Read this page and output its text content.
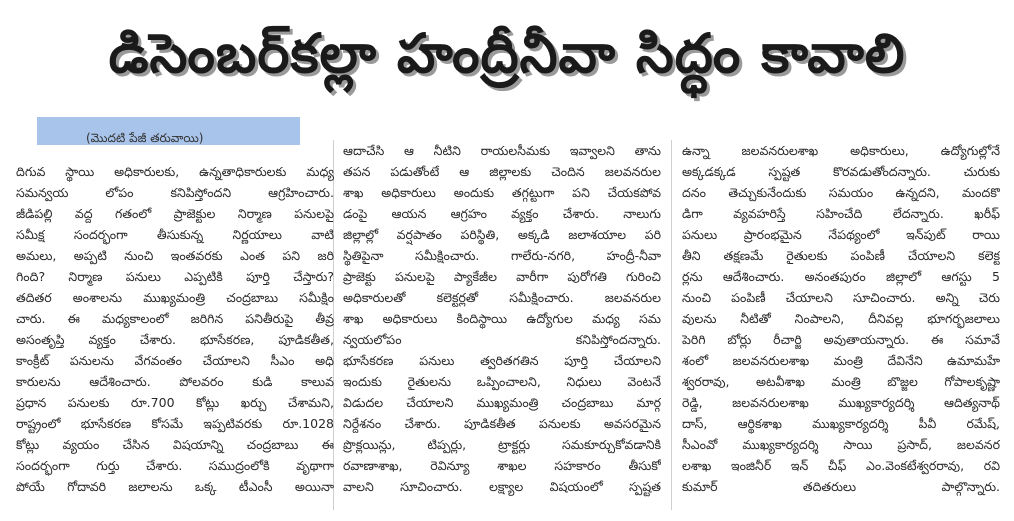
డిసెంబర్‌కల్లా హంద్రీనీవా సిద్ధం కావాలి
(మొదటి పేజీ తరువాయి)
దిగువ స్థాయి అధికారులకు, ఉన్నతాధికారులకు మధ్య
సమన్వయ లోపం కనిపిస్తోందని ఆగ్రహించారు.
జీడిపల్లి వద్ద గతంలో ప్రాజెక్టుల నిర్మాణ పనులపై
సమీక్ష సందర్భంగా తీసుకున్న నిర్ణయాలు వాటి
అమలు, అప్పటి నుంచి ఇంతవరకు ఎంత పని జరి
గింది? నిర్మాణ పనులు ఎప్పటికి పూర్తి చేస్తారు?
తదితర అంశాలను ముఖ్యమంత్రి చంద్రబాబు సమీక్షిం
చారు. ఈ మధ్యకాలంలో జరిగిన పనితీరుపై తీవ్ర
అసంతృప్తి వ్యక్తం చేశారు. భూసేకరణ, పూడికతీత,
కాంక్రీట్ పనులను వేగవంతం చేయాలని సీఎం అధి
కారులను ఆదేశించారు. పోలవరం కుడి కాలువ
ప్రధాన పనులకు రూ.700 కోట్లు ఖర్చు చేశామని,
రాష్ట్రంలో భూసేకరణ కోసమే ఇప్పటివరకు రూ.1028
కోట్లు వ్యయం చేసిన విషయాన్ని చంద్రబాబు ఈ
సందర్భంగా గుర్తు చేశారు. సముద్రంలోకి వృథాగా
పోయే గోదావరి జలాలను ఒక్క టీఎంసీ అయినా
ఆదాచేసి ఆ నీటిని రాయలసీమకు ఇవ్వాలని తాను
తపన పడుతోంటే ఆ జిల్లాలకు చెందిన జలవనరుల
శాఖ అధికారులు అందుకు తగ్గట్టుగా పని చేయకపోవ
డంపై ఆయన ఆగ్రహం వ్యక్తం చేశారు. నాలుగు
జిల్లాల్లో వర్షపాతం పరిస్థితి, అక్కడి జలాశయాల పరి
స్థితిపైనా సమీక్షించారు. గాలేరు-నగరి, హంద్రీ-నీవా
ప్రాజెక్టు పనులపై ప్యాకేజీల వారీగా పురోగతి గురించి
అధికారులతో కలెక్టర్లతో సమీక్షించారు. జలవనరుల
శాఖ అధికారులు కిందిస్థాయి ఉద్యోగుల మధ్య సమ
న్వయలోపం కనిపిస్తోందన్నారు.
భూసేకరణ పనులు త్వరితగతిన పూర్తి చేయాలని
ఇందుకు రైతులను ఒప్పించాలని, నిధులు వెంటనే
విడుదల చేయాలని ముఖ్యమంత్రి చంద్రబాబు మార్గ
నిర్దేశనం చేశారు. పూడికతీత పనులకు అవసరమైన
ప్రొక్లయిన్లు, టిప్పర్లు, ట్రాక్టర్లు సమకూర్చుకోవడానికి
రవాణాశాఖ, రెవిన్యూ శాఖల సహకారం తీసుకో
వాలని సూచించారు. లక్ష్యాల విషయంలో స్పష్టత
ఉన్నా జలవనరులశాఖ అధికారులు, ఉద్యోగుల్లోనే
అక్కడక్కడ స్పష్టత కొరవడుతోందన్నారు. చురుకు
దనం తెచ్చుకునేందుకు సమయం ఉన్నదని, మందకొ
డిగా వ్యవహరిస్తే సహించేది లేదన్నారు. ఖరీఫ్
పనులు ప్రారంభమైన నేపథ్యంలో ఇన్‌పుట్ రాయి
తీని తక్షణమే రైతులకు పంపిణీ చేయాలని కలెక్ట
ర్లను ఆదేశించారు. అనంతపురం జిల్లాలో ఆగస్టు 5
నుంచి పంపిణీ చేయాలని సూచించారు. అన్ని చెరు
వులను నీటితో నింపాలని, దీనివల్ల భూగర్భజలాలు
పెరిగి బోర్లు రీచార్జి అవుతాయన్నారు. ఈ సమావే
శంలో జలవనరులశాఖ మంత్రి దేవినేని ఉమామహే
శ్వరరావు, అటవీశాఖ మంత్రి బొజ్జల గోపాలకృష్ణా
రెడ్డి, జలవనరులశాఖ ముఖ్యకార్యదర్శి ఆదిత్యనాథ్
దాస్, ఆర్థికశాఖ ముఖ్యకార్యదర్శి పీవీ రమేష్,
సీఎంవో ముఖ్యకార్యదర్శి సాయి ప్రసాద్, జలవనర
లశాఖ ఇంజినీర్ ఇన్ చీఫ్ ఎం.వెంకటేశ్వరరావు, రవి
కుమార్ తదితరులు పాల్గొన్నారు.
